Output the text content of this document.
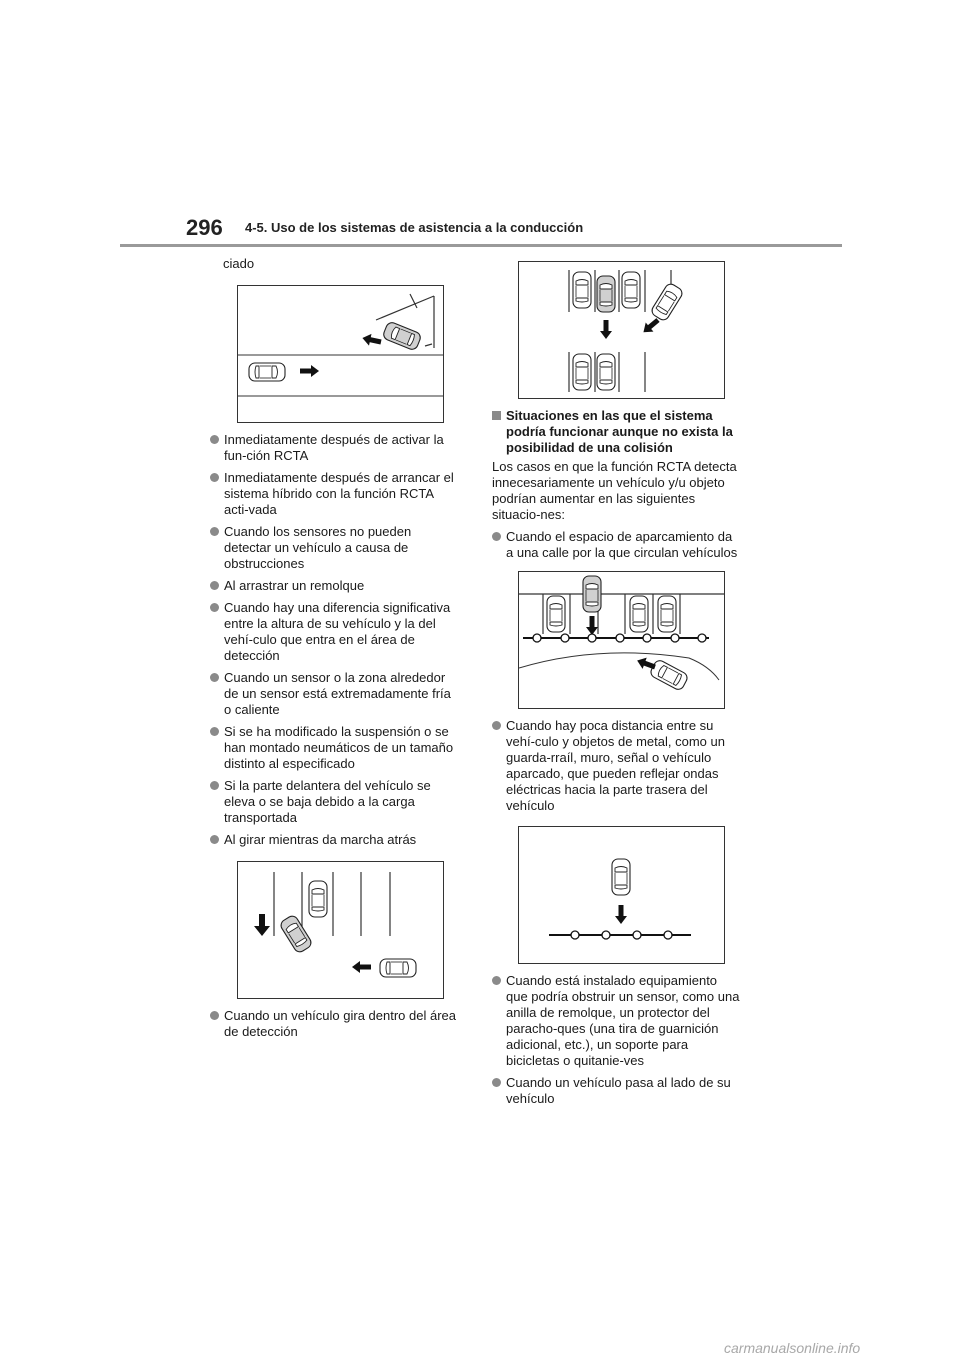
296 4-5. Uso de los sistemas de asistencia a la conducción
ciado
Inmediatamente después de activar la fun-ción RCTA
Inmediatamente después de arrancar el sistema híbrido con la función RCTA acti-vada
Cuando los sensores no pueden detectar un vehículo a causa de obstrucciones
Al arrastrar un remolque
Cuando hay una diferencia significativa entre la altura de su vehículo y la del vehí-culo que entra en el área de detección
Cuando un sensor o la zona alrededor de un sensor está extremadamente fría o caliente
Si se ha modificado la suspensión o se han montado neumáticos de un tamaño distinto al especificado
Si la parte delantera del vehículo se eleva o se baja debido a la carga transportada
Al girar mientras da marcha atrás
Cuando un vehículo gira dentro del área de detección
Situaciones en las que el sistema podría funcionar aunque no exista la posibilidad de una colisión
Los casos en que la función RCTA detecta innecesariamente un vehículo y/u objeto podrían aumentar en las siguientes situacio-nes:
Cuando el espacio de aparcamiento da a una calle por la que circulan vehículos
Cuando hay poca distancia entre su vehí-culo y objetos de metal, como un guarda-rraíl, muro, señal o vehículo aparcado, que pueden reflejar ondas eléctricas hacia la parte trasera del vehículo
Cuando está instalado equipamiento que podría obstruir un sensor, como una anilla de remolque, un protector del paracho-ques (una tira de guarnición adicional, etc.), un soporte para bicicletas o quitanie-ves
Cuando un vehículo pasa al lado de su vehículo
carmanualsonline.info
